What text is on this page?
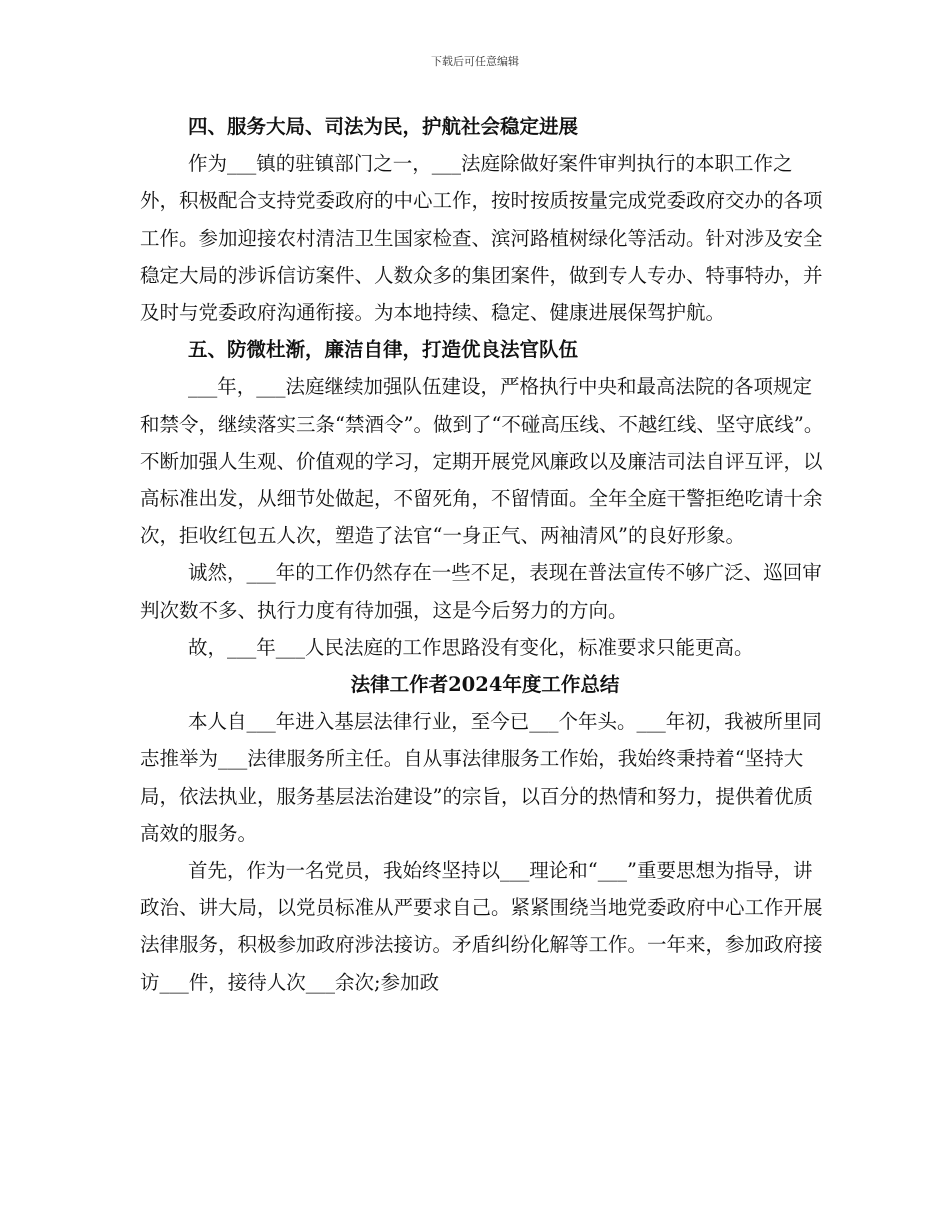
下载后可任意编辑

四、服务大局、司法为民，护航社会稳定进展

作为___镇的驻镇部门之一，___法庭除做好案件审判执行的本职工作之外，积极配合支持党委政府的中心工作，按时按质按量完成党委政府交办的各项工作。参加迎接农村清洁卫生国家检查、滨河路植树绿化等活动。针对涉及安全稳定大局的涉诉信访案件、人数众多的集团案件，做到专人专办、特事特办，并及时与党委政府沟通衔接。为本地持续、稳定、健康进展保驾护航。

五、防微杜渐，廉洁自律，打造优良法官队伍

___年，___法庭继续加强队伍建设，严格执行中央和最高法院的各项规定和禁令，继续落实三条“禁酒令”。做到了“不碰高压线、不越红线、坚守底线”。不断加强人生观、价值观的学习，定期开展党风廉政以及廉洁司法自评互评，以高标准出发，从细节处做起，不留死角，不留情面。全年全庭干警拒绝吃请十余次，拒收红包五人次，塑造了法官“一身正气、两袖清风”的良好形象。

诚然，___年的工作仍然存在一些不足，表现在普法宣传不够广泛、巡回审判次数不多、执行力度有待加强，这是今后努力的方向。

故，___年___人民法庭的工作思路没有变化，标准要求只能更高。

法律工作者2024年度工作总结

本人自___年进入基层法律行业，至今已___个年头。___年初，我被所里同志推举为___法律服务所主任。自从事法律服务工作始，我始终秉持着“坚持大局，依法执业，服务基层法治建设”的宗旨，以百分的热情和努力，提供着优质高效的服务。

首先，作为一名党员，我始终坚持以___理论和“___”重要思想为指导，讲政治、讲大局，以党员标准从严要求自己。紧紧围绕当地党委政府中心工作开展法律服务，积极参加政府涉法接访。矛盾纠纷化解等工作。一年来，参加政府接访___件，接待人次___余次;参加政
